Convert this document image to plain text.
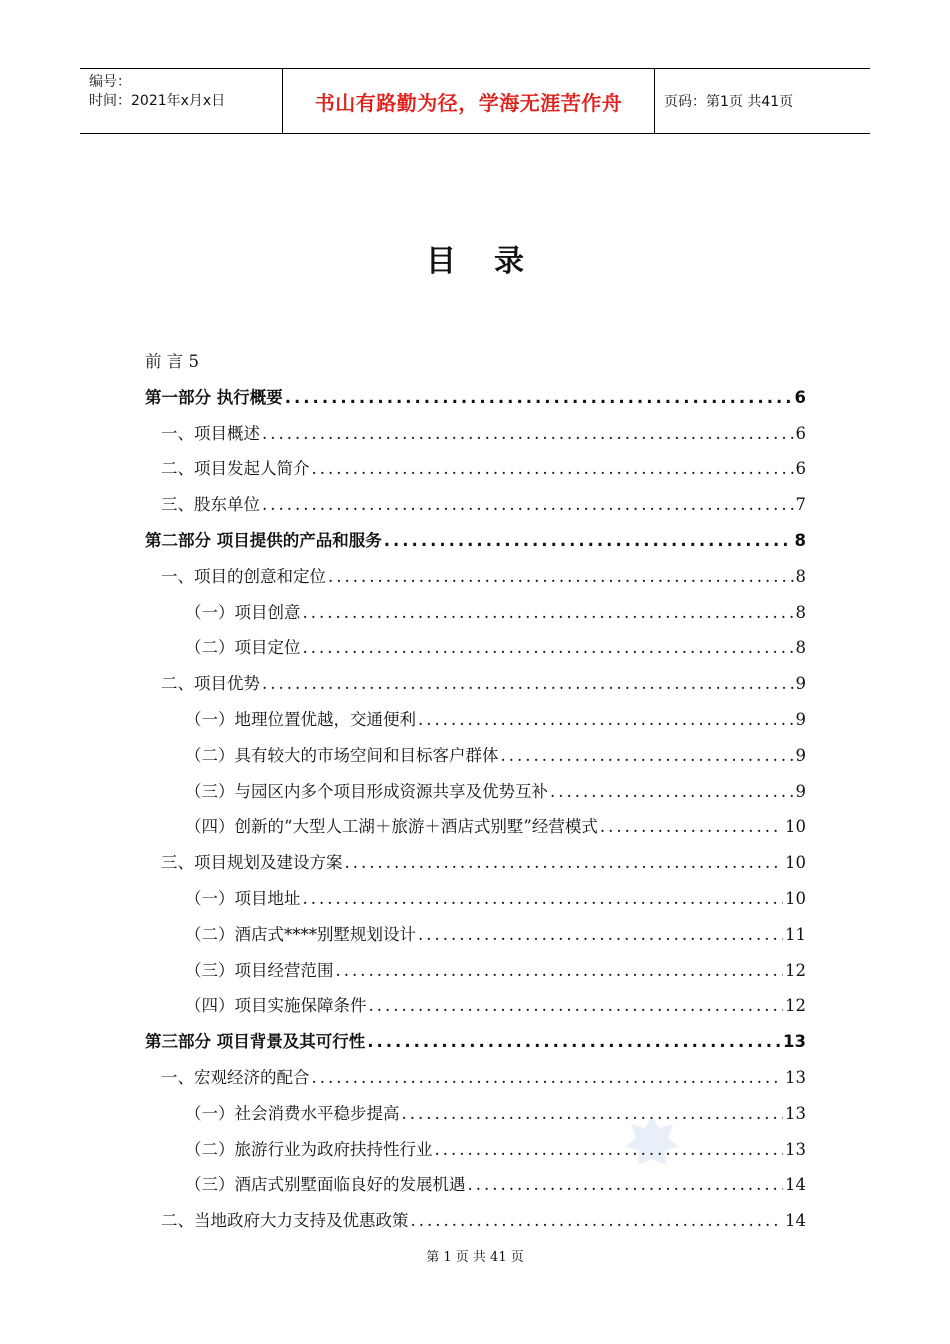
编号：
时间：2021年x月x日	书山有路勤为径，学海无涯苦作舟	页码：第1页 共41页

目录
前 言 5
第一部分 执行概要 .....	6
一、项目概述 .....	6
二、项目发起人简介 .....	6
三、股东单位 .....	7
第二部分 项目提供的产品和服务 .....	8
一、项目的创意和定位 .....	8
（一）项目创意 .....	8
（二）项目定位 .....	8
二、项目优势 .....	9
（一）地理位置优越，交通便利 .....	9
（二）具有较大的市场空间和目标客户群体 .....	9
（三）与园区内多个项目形成资源共享及优势互补 .....	9
（四）创新的“大型人工湖＋旅游＋酒店式别墅”经营模式 .....	10
三、项目规划及建设方案 .....	10
（一）项目地址 .....	10
（二）酒店式****别墅规划设计 .....	11
（三）项目经营范围 .....	12
（四）项目实施保障条件 .....	12
第三部分 项目背景及其可行性 .....	13
一、宏观经济的配合 .....	13
（一）社会消费水平稳步提高 .....	13
（二）旅游行业为政府扶持性行业 .....	13
（三）酒店式别墅面临良好的发展机遇 .....	14
二、当地政府大力支持及优惠政策 .....	14
第 1 页 共 41 页
